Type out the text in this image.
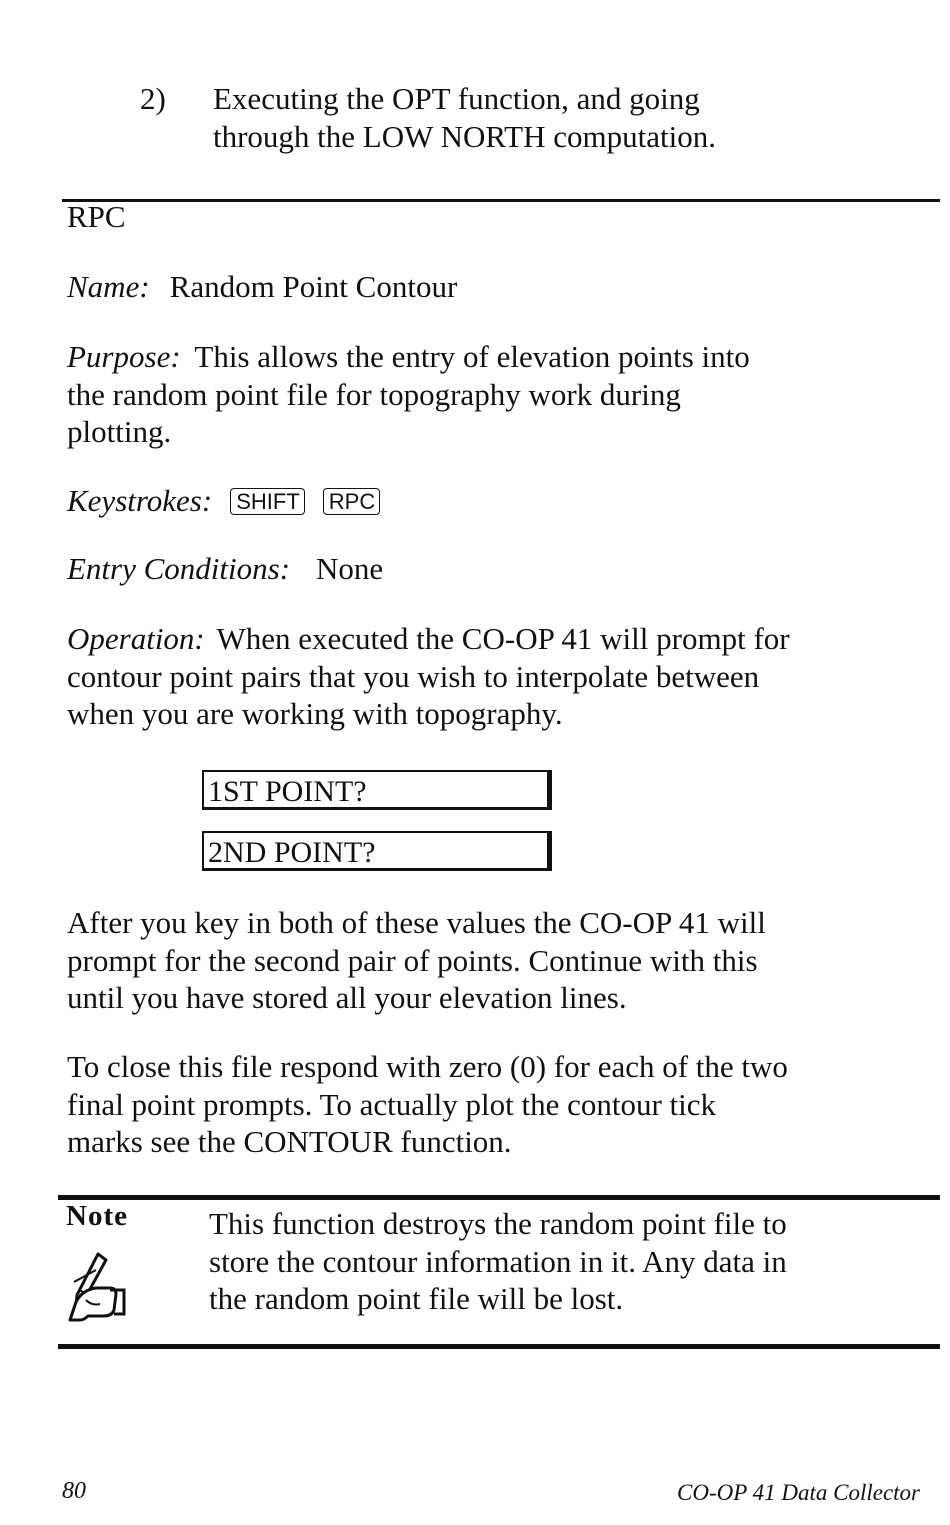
2) Executing the OPT function, and going
through the LOW NORTH computation.
RPC
Name: Random Point Contour
Purpose: This allows the entry of elevation points into
the random point file for topography work during
plotting.
Keystrokes: SHIFT RPC
Entry Conditions: None
Operation: When executed the CO-OP 41 will prompt for
contour point pairs that you wish to interpolate between
when you are working with topography.
1ST POINT?
2ND POINT?
After you key in both of these values the CO-OP 41 will
prompt for the second pair of points. Continue with this
until you have stored all your elevation lines.
To close this file respond with zero (0) for each of the two
final point prompts. To actually plot the contour tick
marks see the CONTOUR function.
Note	This function destroys the random point file to
store the contour information in it. Any data in
the random point file will be lost.
80	CO-OP 41 Data Collector
